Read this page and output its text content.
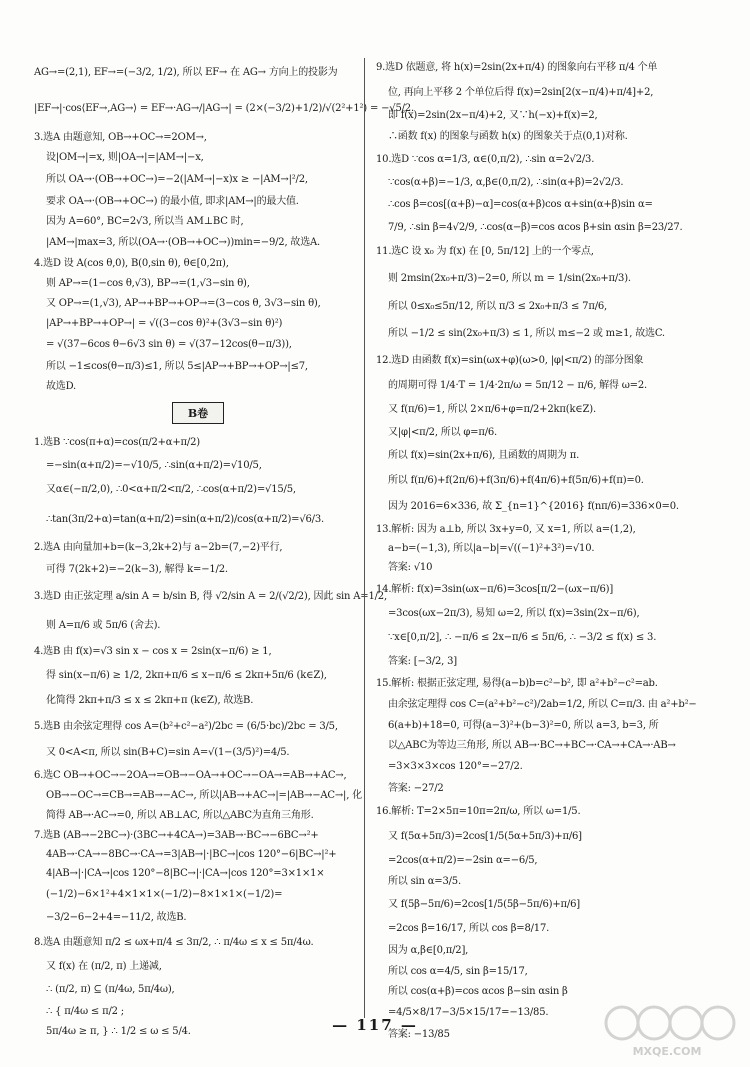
AG→=(2,1), EF→=(−3/2, 1/2), 所以 EF→ 在 AG→ 方向上的投影为
|EF→|·cos⟨EF→,AG→⟩ = EF→·AG→/|AG→| = (2×(−3/2)+1/2)/√(2²+1²) = −√5/2.
3.选A 由题意知, OB→+OC→=2OM→,
设|OM→|=x, 则|OA→|=|AM→|−x,
所以 OA→·(OB→+OC→)=−2(|AM→|−x)x ≥ −|AM→|²/2,
要求 OA→·(OB→+OC→) 的最小值, 即求|AM→|的最大值.
因为 A=60°, BC=2√3, 所以当 AM⊥BC 时,
|AM→|max=3, 所以(OA→·(OB→+OC→))min=−9/2, 故选A.
4.选D 设 A(cos θ,0), B(0,sin θ), θ∈[0,2π),
则 AP→=(1−cos θ,√3), BP→=(1,√3−sin θ),
又 OP→=(1,√3), AP→+BP→+OP→=(3−cos θ, 3√3−sin θ),
|AP→+BP→+OP→| = √((3−cos θ)²+(3√3−sin θ)²)
= √(37−6cos θ−6√3 sin θ) = √(37−12cos(θ−π/3)),
所以 −1≤cos(θ−π/3)≤1, 所以 5≤|AP→+BP→+OP→|≤7,
故选D.
B卷
1.选B ∵cos(π+α)=cos(π/2+α+π/2)
=−sin(α+π/2)=−√10/5, ∴sin(α+π/2)=√10/5,
又α∈(−π/2,0), ∴0<α+π/2<π/2, ∴cos(α+π/2)=√15/5,
∴tan(3π/2+α)=tan(α+π/2)=sin(α+π/2)/cos(α+π/2)=√6/3.
2.选A 由向量加+b=(k−3,2k+2)与 a−2b=(7,−2)平行,
可得 7(2k+2)=−2(k−3), 解得 k=−1/2.
3.选D 由正弦定理 a/sin A = b/sin B, 得 √2/sin A = 2/(√2/2), 因此 sin A=1/2,
则 A=π/6 或 5π/6 (舍去).
4.选B 由 f(x)=√3 sin x − cos x = 2sin(x−π/6) ≥ 1,
得 sin(x−π/6) ≥ 1/2, 2kπ+π/6 ≤ x−π/6 ≤ 2kπ+5π/6 (k∈Z),
化简得 2kπ+π/3 ≤ x ≤ 2kπ+π (k∈Z), 故选B.
5.选B 由余弦定理得 cos A=(b²+c²−a²)/2bc = (6/5·bc)/2bc = 3/5,
又 0<A<π, 所以 sin(B+C)=sin A=√(1−(3/5)²)=4/5.
6.选C OB→+OC→−2OA→=OB→−OA→+OC→−OA→=AB→+AC→,
OB→−OC→=CB→=AB→−AC→, 所以|AB→+AC→|=|AB→−AC→|, 化
简得 AB→·AC→=0, 所以 AB⊥AC, 所以△ABC为直角三角形.
7.选B (AB→−2BC→)·(3BC→+4CA→)=3AB→·BC→−6BC→²+
4AB→·CA→−8BC→·CA→=3|AB→|·|BC→|cos 120°−6|BC→|²+
4|AB→|·|CA→|cos 120°−8|BC→|·|CA→|cos 120°=3×1×1×
(−1/2)−6×1²+4×1×1×(−1/2)−8×1×1×(−1/2)=
−3/2−6−2+4=−11/2, 故选B.
8.选A 由题意知 π/2 ≤ ωx+π/4 ≤ 3π/2, ∴ π/4ω ≤ x ≤ 5π/4ω.
又 f(x) 在 (π/2, π) 上递减,
∴ (π/2, π) ⊆ (π/4ω, 5π/4ω),
∴ { π/4ω ≤ π/2 ;
5π/4ω ≥ π, } ∴ 1/2 ≤ ω ≤ 5/4.
9.选D 依题意, 将 h(x)=2sin(2x+π/4) 的图象向右平移 π/4 个单
位, 再向上平移 2 个单位后得 f(x)=2sin[2(x−π/4)+π/4]+2,
即 f(x)=2sin(2x−π/4)+2, 又∵h(−x)+f(x)=2,
∴函数 f(x) 的图象与函数 h(x) 的图象关于点(0,1)对称.
10.选D ∵cos α=1/3, α∈(0,π/2), ∴sin α=2√2/3.
∵cos(α+β)=−1/3, α,β∈(0,π/2), ∴sin(α+β)=2√2/3.
∴cos β=cos[(α+β)−α]=cos(α+β)cos α+sin(α+β)sin α=
7/9, ∴sin β=4√2/9, ∴cos(α−β)=cos αcos β+sin αsin β=23/27.
11.选C 设 x₀ 为 f(x) 在 [0, 5π/12] 上的一个零点,
则 2msin(2x₀+π/3)−2=0, 所以 m = 1/sin(2x₀+π/3).
所以 0≤x₀≤5π/12, 所以 π/3 ≤ 2x₀+π/3 ≤ 7π/6,
所以 −1/2 ≤ sin(2x₀+π/3) ≤ 1, 所以 m≤−2 或 m≥1, 故选C.
12.选D 由函数 f(x)=sin(ωx+φ)(ω>0, |φ|<π/2) 的部分图象
的周期可得 1/4·T = 1/4·2π/ω = 5π/12 − π/6, 解得 ω=2.
又 f(π/6)=1, 所以 2×π/6+φ=π/2+2kπ(k∈Z).
又|φ|<π/2, 所以 φ=π/6.
所以 f(x)=sin(2x+π/6), 且函数的周期为 π.
所以 f(π/6)+f(2π/6)+f(3π/6)+f(4π/6)+f(5π/6)+f(π)=0.
因为 2016=6×336, 故 Σ_{n=1}^{2016} f(nπ/6)=336×0=0.
13.解析: 因为 a⊥b, 所以 3x+y=0, 又 x=1, 所以 a=(1,2),
a−b=(−1,3), 所以|a−b|=√((−1)²+3²)=√10.
答案: √10
14.解析: f(x)=3sin(ωx−π/6)=3cos[π/2−(ωx−π/6)]
=3cos(ωx−2π/3), 易知 ω=2, 所以 f(x)=3sin(2x−π/6),
∵x∈[0,π/2], ∴ −π/6 ≤ 2x−π/6 ≤ 5π/6, ∴ −3/2 ≤ f(x) ≤ 3.
答案: [−3/2, 3]
15.解析: 根据正弦定理, 易得(a−b)b=c²−b², 即 a²+b²−c²=ab.
由余弦定理得 cos C=(a²+b²−c²)/2ab=1/2, 所以 C=π/3. 由 a²+b²−
6(a+b)+18=0, 可得(a−3)²+(b−3)²=0, 所以 a=3, b=3, 所
以△ABC为等边三角形, 所以 AB→·BC→+BC→·CA→+CA→·AB→
=3×3×3×cos 120°=−27/2.
答案: −27/2
16.解析: T=2×5π=10π=2π/ω, 所以 ω=1/5.
又 f(5α+5π/3)=2cos[1/5(5α+5π/3)+π/6]
=2cos(α+π/2)=−2sin α=−6/5,
所以 sin α=3/5.
又 f(5β−5π/6)=2cos[1/5(5β−5π/6)+π/6]
=2cos β=16/17, 所以 cos β=8/17.
因为 α,β∈[0,π/2],
所以 cos α=4/5, sin β=15/17,
所以 cos(α+β)=cos αcos β−sin αsin β
=4/5×8/17−3/5×15/17=−13/85.
答案: −13/85
— 117 —
MXQE.COM
